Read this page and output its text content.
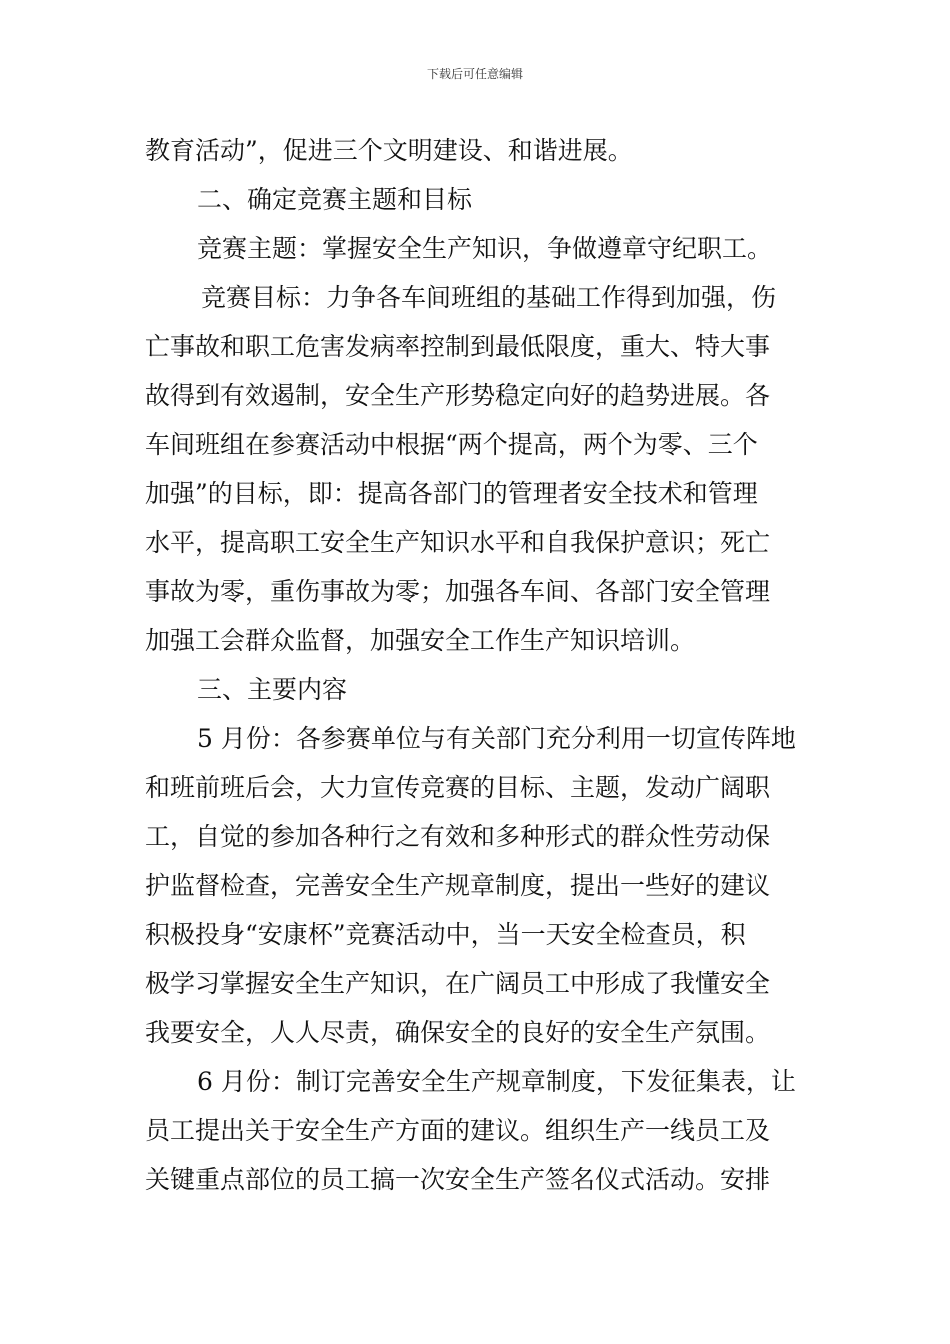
下载后可任意编辑
教育活动”，促进三个文明建设、和谐进展。
二、确定竞赛主题和目标
竞赛主题：掌握安全生产知识，争做遵章守纪职工。
竞赛目标：力争各车间班组的基础工作得到加强，伤
亡事故和职工危害发病率控制到最低限度，重大、特大事
故得到有效遏制，安全生产形势稳定向好的趋势进展。各
车间班组在参赛活动中根据“两个提高，两个为零、三个
加强”的目标，即：提高各部门的管理者安全技术和管理
水平，提高职工安全生产知识水平和自我保护意识；死亡
事故为零，重伤事故为零；加强各车间、各部门安全管理
加强工会群众监督，加强安全工作生产知识培训。
三、主要内容
5 月份：各参赛单位与有关部门充分利用一切宣传阵地
和班前班后会，大力宣传竞赛的目标、主题，发动广阔职
工，自觉的参加各种行之有效和多种形式的群众性劳动保
护监督检查，完善安全生产规章制度，提出一些好的建议
积极投身“安康杯”竞赛活动中，当一天安全检查员，积
极学习掌握安全生产知识，在广阔员工中形成了我懂安全
我要安全，人人尽责，确保安全的良好的安全生产氛围。
6 月份：制订完善安全生产规章制度，下发征集表，让
员工提出关于安全生产方面的建议。组织生产一线员工及
关键重点部位的员工搞一次安全生产签名仪式活动。安排
